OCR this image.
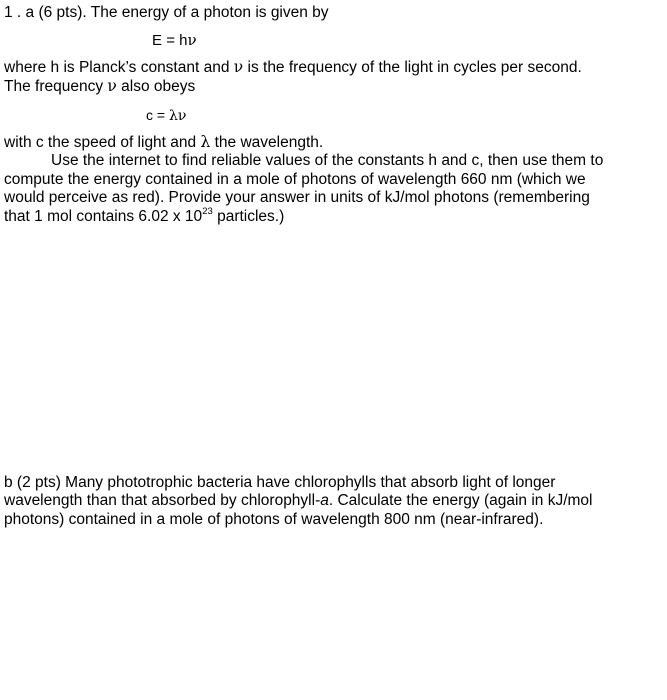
1 . a (6 pts). The energy of a photon is given by
E = hν
where h is Planck’s constant and ν is the frequency of the light in cycles per second.
The frequency ν also obeys
c = λν
with c the speed of light and λ the wavelength.
Use the internet to find reliable values of the constants h and c, then use them to
compute the energy contained in a mole of photons of wavelength 660 nm (which we
would perceive as red). Provide your answer in units of kJ/mol photons (remembering
that 1 mol contains 6.02 x $10^{23}$ particles.)
b (2 pts) Many phototrophic bacteria have chlorophylls that absorb light of longer
wavelength than that absorbed by chlorophyll-a. Calculate the energy (again in kJ/mol
photons) contained in a mole of photons of wavelength 800 nm (near-infrared).
